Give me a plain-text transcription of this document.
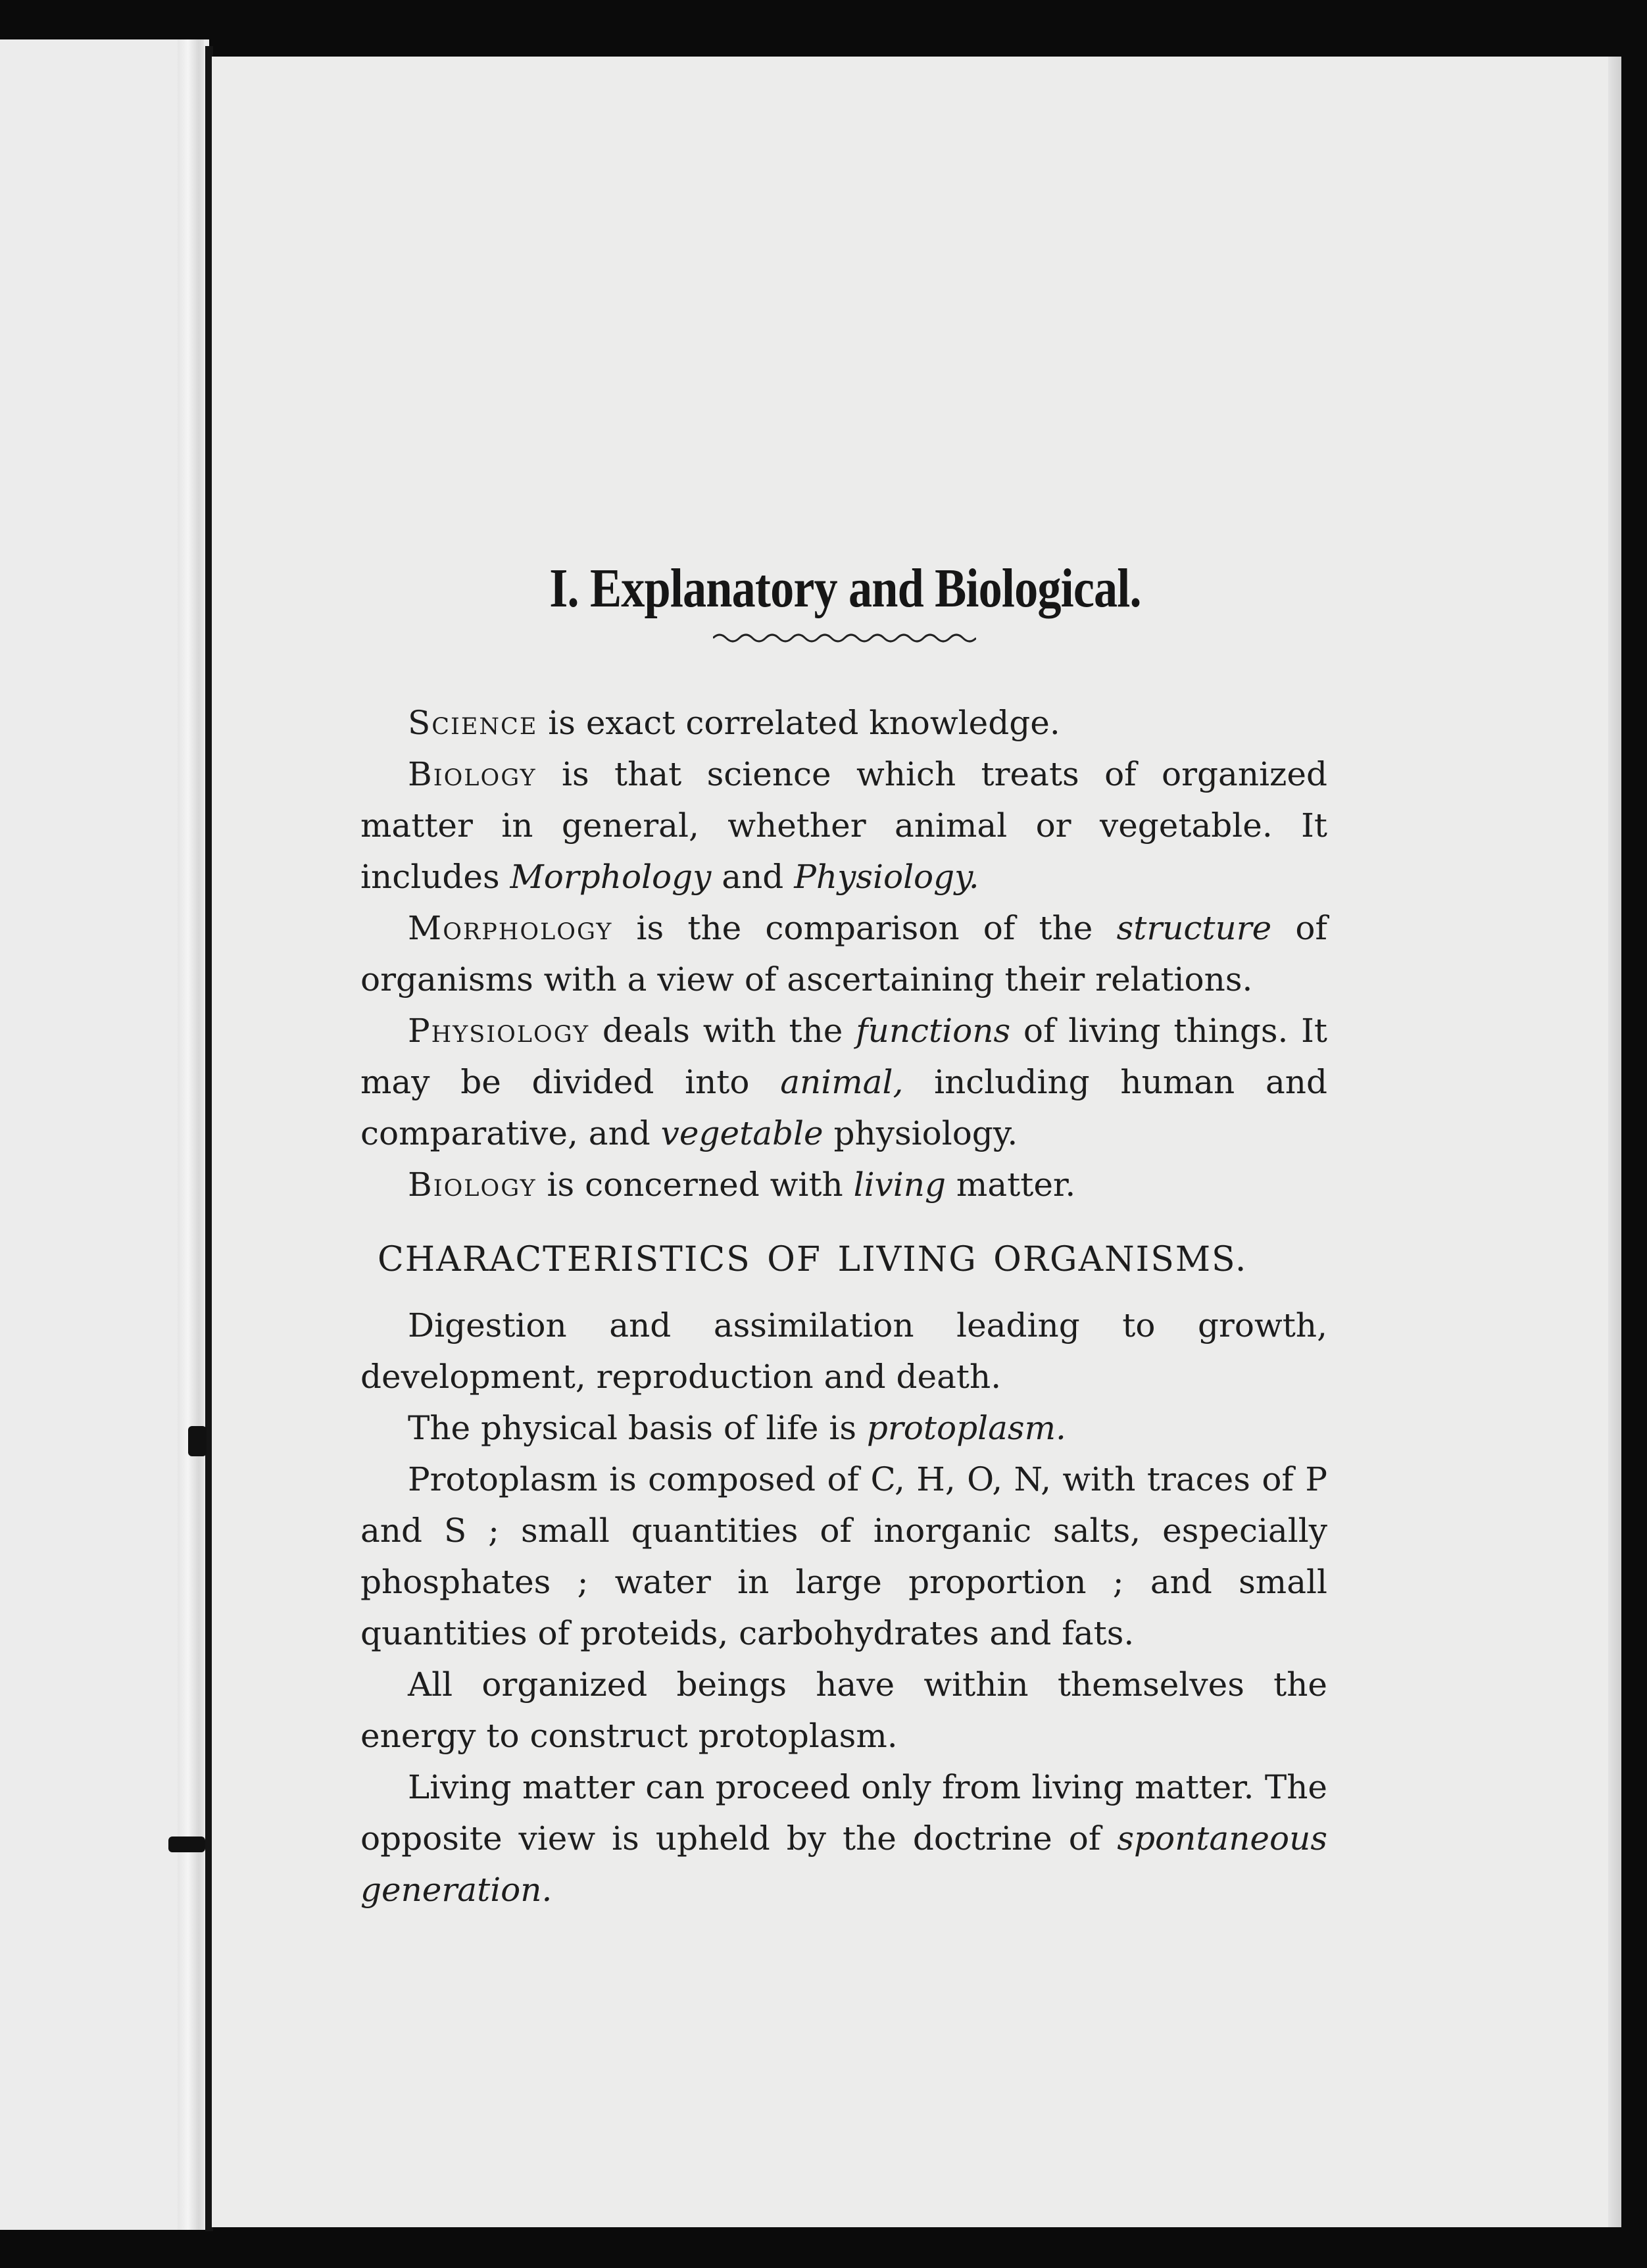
I. Explanatory and Biological.

Science is exact correlated knowledge.

Biology is that science which treats of organized matter in general, whether animal or vegetable. It includes Morphology and Physiology.

Morphology is the comparison of the structure of organisms with a view of ascertaining their relations.

Physiology deals with the functions of living things. It may be divided into animal, including human and comparative, and vegetable physiology.

Biology is concerned with living matter.

CHARACTERISTICS OF LIVING ORGANISMS.

Digestion and assimilation leading to growth, development, reproduction and death.

The physical basis of life is protoplasm.

Protoplasm is composed of C, H, O, N, with traces of P and S ; small quantities of inorganic salts, especially phosphates ; water in large proportion ; and small quantities of proteids, carbohydrates and fats.

All organized beings have within themselves the energy to construct protoplasm.

Living matter can proceed only from living matter. The opposite view is upheld by the doctrine of spontaneous generation.
